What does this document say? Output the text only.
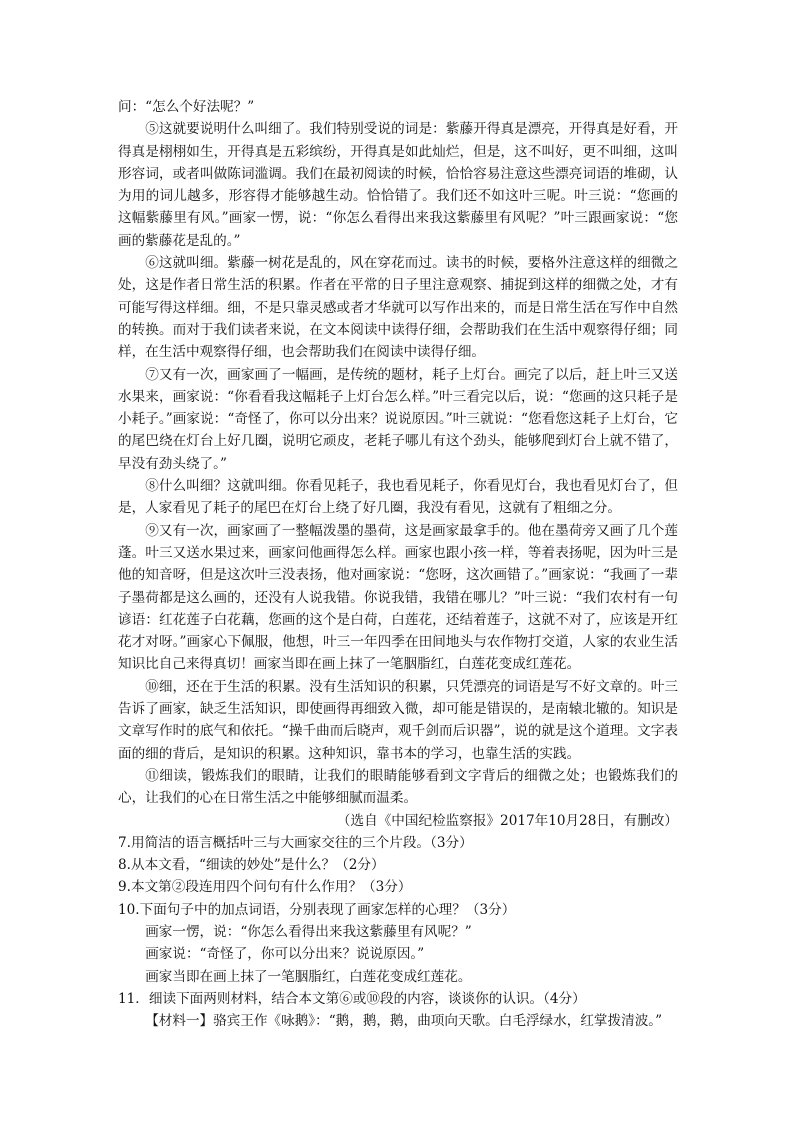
问：“怎么个好法呢？”

⑤这就要说明什么叫细了。我们特别受说的词是：紫藤开得真是漂亮，开得真是好看，开得真是栩栩如生，开得真是五彩缤纷，开得真是如此灿烂，但是，这不叫好，更不叫细，这叫形容词，或者叫做陈词滥调。我们在最初阅读的时候，恰恰容易注意这些漂亮词语的堆砌，认为用的词儿越多，形容得才能够越生动。恰恰错了。我们还不如这叶三呢。叶三说：“您画的这幅紫藤里有风。”画家一愣，说：“你怎么看得出来我这紫藤里有风呢？”叶三跟画家说：“您画的紫藤花是乱的。”

⑥这就叫细。紫藤一树花是乱的，风在穿花而过。读书的时候，要格外注意这样的细微之处，这是作者日常生活的积累。作者在平常的日子里注意观察、捕捉到这样的细微之处，才有可能写得这样细。细，不是只靠灵感或者才华就可以写作出来的，而是日常生活在写作中自然的转换。而对于我们读者来说，在文本阅读中读得仔细，会帮助我们在生活中观察得仔细；同样，在生活中观察得仔细，也会帮助我们在阅读中读得仔细。

⑦又有一次，画家画了一幅画，是传统的题材，耗子上灯台。画完了以后，赶上叶三又送水果来，画家说：“你看看我这幅耗子上灯台怎么样。”叶三看完以后，说：“您画的这只耗子是小耗子。”画家说：“奇怪了，你可以分出来？说说原因。”叶三就说：“您看您这耗子上灯台，它的尾巴绕在灯台上好几圈，说明它顽皮，老耗子哪儿有这个劲头，能够爬到灯台上就不错了，早没有劲头绕了。”

⑧什么叫细？这就叫细。你看见耗子，我也看见耗子，你看见灯台，我也看见灯台了，但是，人家看见了耗子的尾巴在灯台上绕了好几圈，我没有看见，这就有了粗细之分。

⑨又有一次，画家画了一整幅泼墨的墨荷，这是画家最拿手的。他在墨荷旁又画了几个莲蓬。叶三又送水果过来，画家问他画得怎么样。画家也跟小孩一样，等着表扬呢，因为叶三是他的知音呀，但是这次叶三没表扬，他对画家说：“您呀，这次画错了。”画家说：“我画了一辈子墨荷都是这么画的，还没有人说我错。你说我错，我错在哪儿？”叶三说：“我们农村有一句谚语：红花莲子白花藕，您画的这个是白荷，白莲花，还结着莲子，这就不对了，应该是开红花才对呀。”画家心下佩服，他想，叶三一年四季在田间地头与农作物打交道，人家的农业生活知识比自己来得真切！画家当即在画上抹了一笔胭脂红，白莲花变成红莲花。

⑩细，还在于生活的积累。没有生活知识的积累，只凭漂亮的词语是写不好文章的。叶三告诉了画家，缺乏生活知识，即使画得再细致入微，却可能是错误的，是南辕北辙的。知识是文章写作时的底气和依托。“操千曲而后晓声，观千剑而后识器”，说的就是这个道理。文字表面的细的背后，是知识的积累。这种知识，靠书本的学习，也靠生活的实践。

⑪细读，锻炼我们的眼睛，让我们的眼睛能够看到文字背后的细微之处；也锻炼我们的心，让我们的心在日常生活之中能够细腻而温柔。

（选自《中国纪检监察报》2017年10月28日，有删改）

7.用简洁的语言概括叶三与大画家交往的三个片段。（3分）

8.从本文看，“细读的妙处”是什么？（2分）

9.本文第②段连用四个问句有什么作用？（3分）

10.下面句子中的加点词语，分别表现了画家怎样的心理？（3分）

画家一愣，说：“你怎么看得出来我这紫藤里有风呢？”

画家说：“奇怪了，你可以分出来？说说原因。”

画家当即在画上抹了一笔胭脂红，白莲花变成红莲花。

11．细读下面两则材料，结合本文第⑥或⑩段的内容，谈谈你的认识。（4分）

【材料一】骆宾王作《咏鹅》：“鹅，鹅，鹅，曲项向天歌。白毛浮绿水，红掌拨清波。”
